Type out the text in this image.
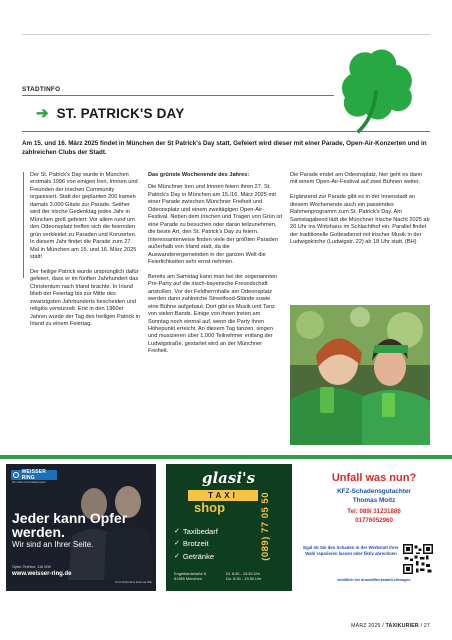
STADTINFO
➔ ST. PATRICK'S DAY
Am 15. und 16. März 2025 findet in München der St Patrick's Day statt. Gefeiert wird dieser mit einer Parade, Open-Air-Konzerten und in zahlreichen Clubs der Stadt.

Der St. Patrick's Day wurde in München erstmals 1996 von einigen Iren, Irinnen und Freunden der irischen Community organisiert. Statt der geplanten 200 kamen damals 3.000 Gäste zur Parade. Seither wird der irische Gedenktag jedes Jahr in München groß gefeiert: Vor allem rund um den Odeonsplatz treffen sich die feiernden grün verkleidet zu Paraden und Konzerten. In diesem Jahr findet die Parade zum 27. Mal in München am 15. und 16. März 2025 statt!

Der heilige Patrick wurde ursprünglich dafür gefeiert, dass er im fünften Jahrhundert das Christentum nach Irland brachte. In Irland blieb der Feiertag bis zur Mitte des zwanzigsten Jahrhunderts bescheiden und religiös verwurzelt. Erst in den 1960er Jahren wurde der Tag des heiligen Patrick in Irland zu einem Feiertag.

Das grünste Wochenende des Jahres:

Die Münchner Iren und Irinnen feiern ihren 27. St. Patrick's Day in München am 15./16. März 2025 mit einer Parade zwischen Münchner Freiheit und Odeonsplatz und einem zweitägigen Open-Air-Festival. Neben dem Irischen und Tragen von Grün ist eine Parade zu besuchen oder daran teilzunehmen, die beste Art, den St. Patrick's Day zu feiern. Interessanterweise finden viele der größten Paraden außerhalb von Irland statt, da die Auswanderergemeinden in der ganzen Welt die Feierlichkeiten sehr ernst nehmen.

Bereits am Samstag kann man bei der sogenannten Pre-Party auf die irisch-bayerische Freundschaft anstoßen. Vor der Feldherrnhalle am Odeonsplatz werden dann zahlreiche Streetfood-Stände sowie eine Bühne aufgebaut. Dort gibt es Musik und Tanz von vielen Bands. Einige von ihnen treten am Sonntag noch einmal auf, wenn die Party ihren Höhepunkt erreicht. An diesem Tag tanzen, singen und musizieren über 1.000 Teilnehmer entlang der Ludwigstraße, gestartet wird an der Münchner Freiheit.

Die Parade endet am Odeonsplatz, hier geht es dann mit einem Open-Air-Festival auf zwei Bühnen weiter.

Ergänzend zur Parade gibt es in der Innenstadt an diesem Wochenende auch ein passendes Rahmenprogramm zum St. Patrick's Day. Am Samstagabend lädt die Münchner Irische Nacht 2025 ab 20 Uhr ins Wirtshaus im Schlachthof ein. Parallel findet der traditionelle Gottesdienst mit irischer Musik in der Ludwigskirche (Ludwigstr. 22) ab 18 Uhr statt. (BH)

WEISSER RING
Wir helfen Kriminalitätsopfern.
Jeder kann Opfer werden.
Wir sind an Ihrer Seite.
Opfer-Telefon: 116 006
www.weisser-ring.de
Kurt Schmidt & Dietmar Bär
glasi's
TAXI
shop	(089) 77 05 50
✓ Taxibedarf
✓ Brotzeit
✓ Getränke
Engelhardstraße 6
81369 München
Di. 8:30 - 13:30 Uhr
Do. 8:30 - 13:30 Uhr
Unfall was nun?
KFZ-Schadensgutachter
Thomas Moitz
Tel: 089/ 31231886
01776052960
Egal ob Sie den Schaden in der Werkstatt Ihrer Wahl reparieren lassen oder fiktiv abrechnen
behilflich bei Anwalt/Werkstatt/Leihwagen
MÄRZ 2025 / TAXIKURIER / 27
